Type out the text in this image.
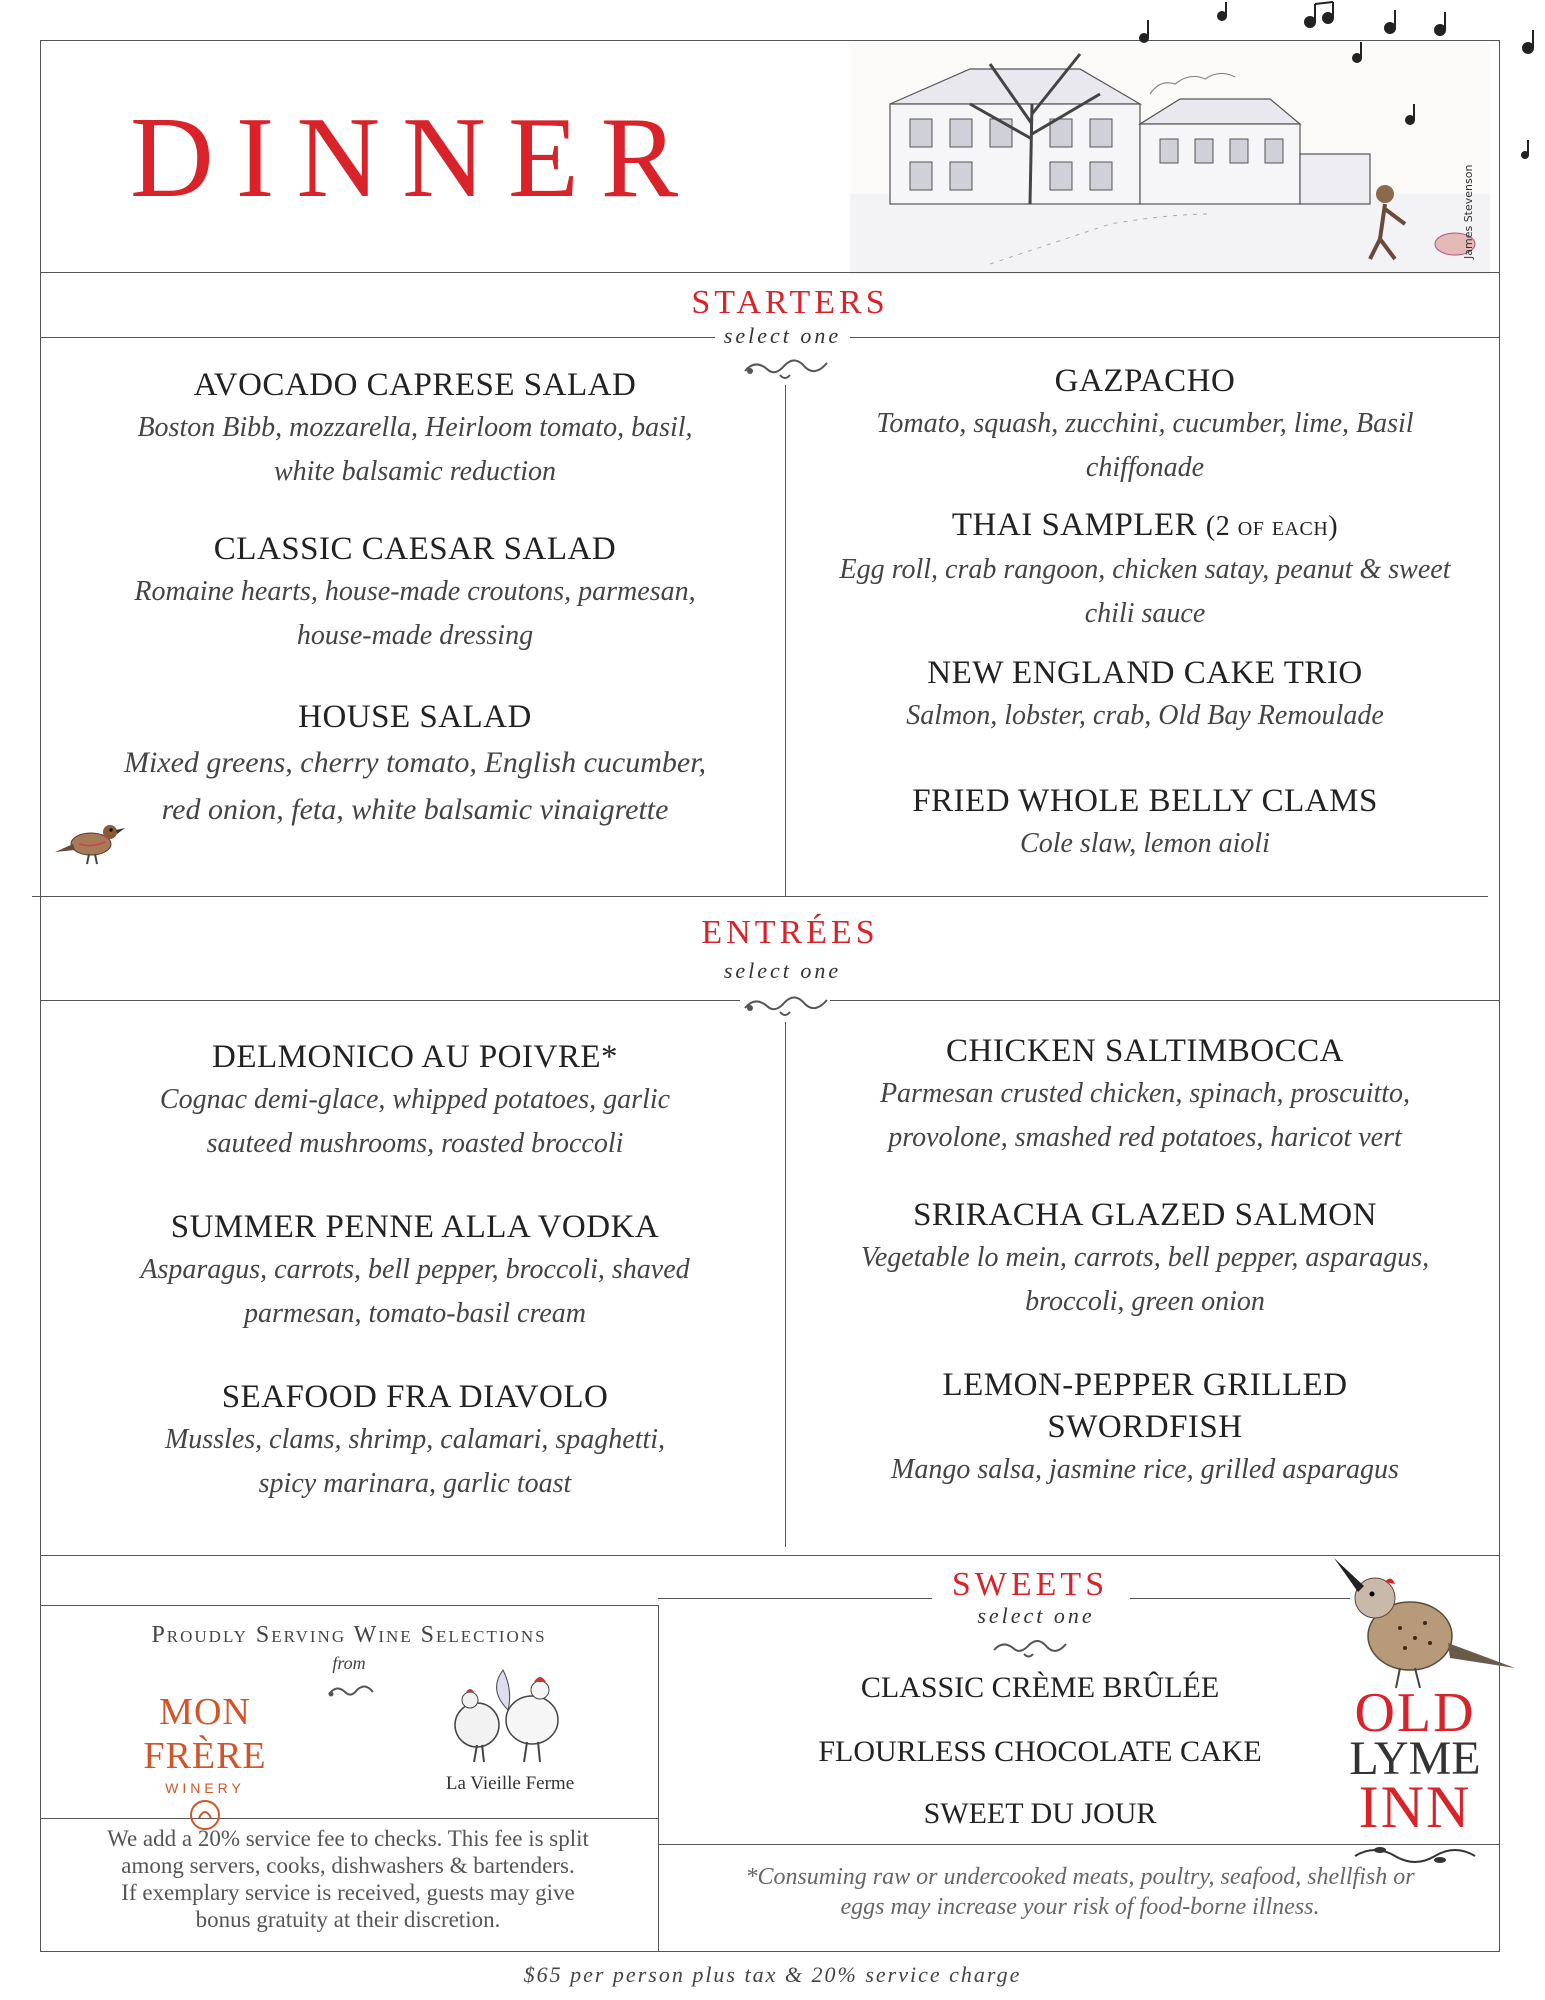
DINNER	James Stevenson
STARTERS
select one

AVOCADO CAPRESE SALAD

Boston Bibb, mozzarella, Heirloom tomato, basil,

white balsamic reduction

CLASSIC CAESAR SALAD

Romaine hearts, house-made croutons, parmesan,

house-made dressing

HOUSE SALAD

Mixed greens, cherry tomato, English cucumber,

red onion, feta, white balsamic vinaigrette

GAZPACHO

Tomato, squash, zucchini, cucumber, lime, Basil

chiffonade

THAI SAMPLER (2 of each)

Egg roll, crab rangoon, chicken satay, peanut & sweet

chili sauce

NEW ENGLAND CAKE TRIO

Salmon, lobster, crab, Old Bay Remoulade

FRIED WHOLE BELLY CLAMS

Cole slaw, lemon aioli

ENTRÉES
select one

DELMONICO AU POIVRE*

Cognac demi-glace, whipped potatoes, garlic

sauteed mushrooms, roasted broccoli

SUMMER PENNE ALLA VODKA

Asparagus, carrots, bell pepper, broccoli, shaved

parmesan, tomato-basil cream

SEAFOOD FRA DIAVOLO

Mussles, clams, shrimp, calamari, spaghetti,

spicy marinara, garlic toast

CHICKEN SALTIMBOCCA

Parmesan crusted chicken, spinach, proscuitto,

provolone, smashed red potatoes, haricot vert

SRIRACHA GLAZED SALMON

Vegetable lo mein, carrots, bell pepper, asparagus,

broccoli, green onion

LEMON-PEPPER GRILLED

SWORDFISH

Mango salsa, jasmine rice, grilled asparagus

Proudly Serving Wine Selections
from
MON FRÈRE
WINERY	La Vieille Ferme
We add a 20% service fee to checks. This fee is split
among servers, cooks, dishwashers & bartenders.
If exemplary service is received, guests may give
bonus gratuity at their discretion.
SWEETS
select one
CLASSIC CRÈME BRÛLÉE
FLOURLESS CHOCOLATE CAKE
SWEET DU JOUR
OLD
LYME
INN
*Consuming raw or undercooked meats, poultry, seafood, shellfish or
eggs may increase your risk of food-borne illness.
$65 per person plus tax & 20% service charge
